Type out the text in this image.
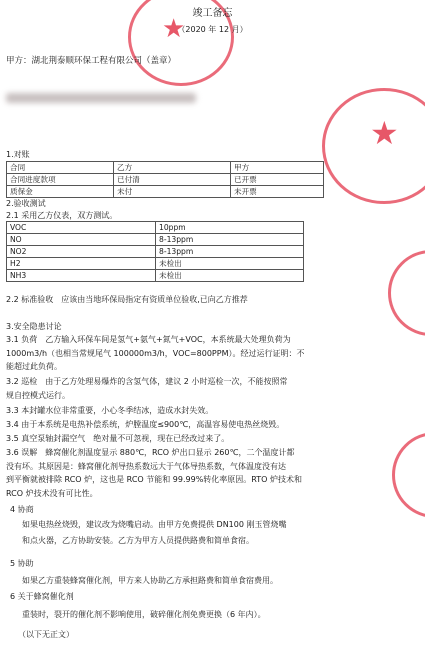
★
★
竣工备忘
（2020 年 12 月）
甲方：湖北荆泰顺环保工程有限公司（盖章）
1.对账
合同	乙方	甲方
合同进度款项	已付清	已开票
质保金	未付	未开票
2.验收测试
2.1 采用乙方仪表，双方测试。
VOC	10ppm
NO	8-13ppm
NO2	8-13ppm
H2	未检出
NH3	未检出
2.2 标准验收　应该由当地环保局指定有资质单位验收,已向乙方推荐
3.安全隐患讨论
3.1 负荷　乙方输入环保车间是氢气+氨气+氮气+VOC，本系统最大处理负荷为
1000m3/h（也相当常规尾气 100000m3/h，VOC=800PPM）。经过运行证明：不
能超过此负荷。
3.2 巡检　由于乙方处理易爆炸的含氢气体，建议 2 小时巡检一次，不能按照常
规自控模式运行。
3.3 本封罐水位非常重要，小心冬季结冰，造成水封失效。
3.4 由于本系统是电热补偿系统，炉膛温度≤900℃，高温容易使电热丝烧毁。
3.5 真空泵轴封漏空气　绝对量不可忽视，现在已经改过来了。
3.6 误解　蜂窝催化剂温度显示 880℃，RCO 炉出口显示 260℃，二个温度计都
没有坏。其原因是：蜂窝催化剂导热系数远大于气体导热系数，气体温度没有达
到平衡就被排除 RCO 炉，这也是 RCO 节能和 99.99%转化率原因。RTO 炉技术和
RCO 炉技术没有可比性。
4 协商
如果电热丝烧毁，建议改为烧嘴启动。由甲方免费提供 DN100 刚玉管烧嘴
和点火器，乙方协助安装。乙方为甲方人员提供路费和简单食宿。
5 协助
如果乙方重装蜂窝催化剂，甲方来人协助乙方承担路费和简单食宿费用。
6 关于蜂窝催化剂
重装时，裂开的催化剂不影响使用，破碎催化剂免费更换（6 年内）。
（以下无正文）
